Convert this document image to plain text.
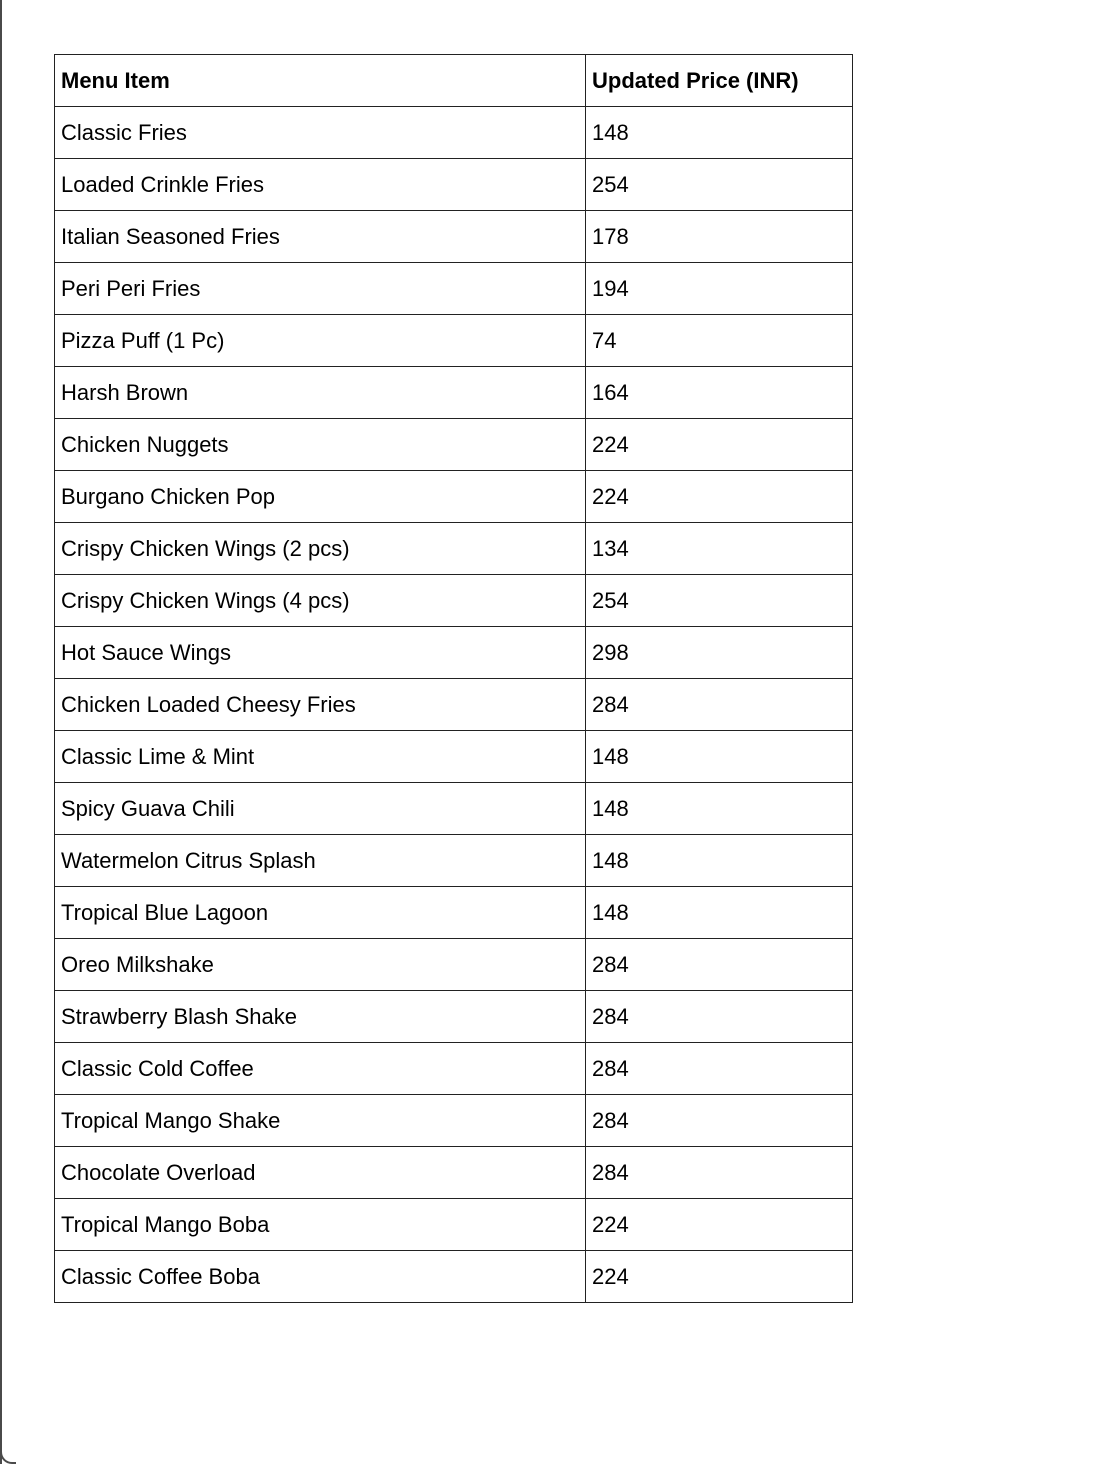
Menu Item	Updated Price (INR)
Classic Fries	148
Loaded Crinkle Fries	254
Italian Seasoned Fries	178
Peri Peri Fries	194
Pizza Puff (1 Pc)	74
Harsh Brown	164
Chicken Nuggets	224
Burgano Chicken Pop	224
Crispy Chicken Wings (2 pcs)	134
Crispy Chicken Wings (4 pcs)	254
Hot Sauce Wings	298
Chicken Loaded Cheesy Fries	284
Classic Lime & Mint	148
Spicy Guava Chili	148
Watermelon Citrus Splash	148
Tropical Blue Lagoon	148
Oreo Milkshake	284
Strawberry Blash Shake	284
Classic Cold Coffee	284
Tropical Mango Shake	284
Chocolate Overload	284
Tropical Mango Boba	224
Classic Coffee Boba	224
